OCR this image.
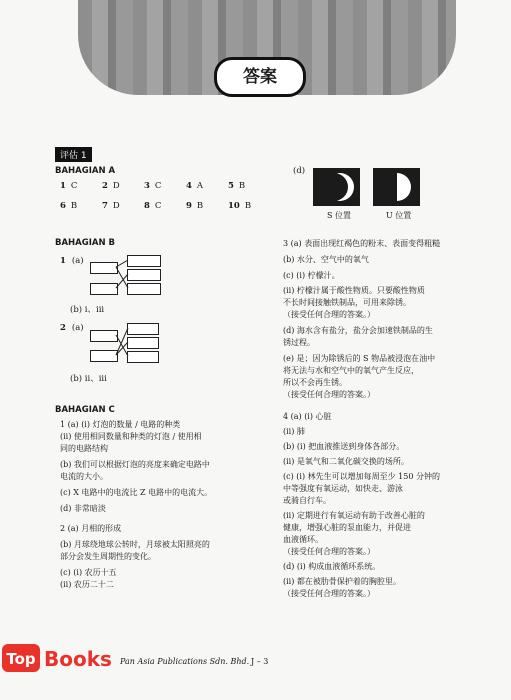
答案
评估 1
BAHAGIAN A
1 C	2 D	3 C	4 A	5 B
6 B	7 D	8 C	9 B	10 B
BAHAGIAN B
1 (a)
(b) i、iii
2 (a)
(b) ii、iii
BAHAGIAN C
1 (a) (i) 灯泡的数量 / 电路的种类
(ii) 使用相同数量和种类的灯泡 / 使用相
同的电路结构
(b) 我们可以根据灯泡的亮度来确定电路中
电流的大小。
(c) X 电路中的电流比 Z 电路中的电流大。
(d) 非常暗淡
2 (a) 月相的形成
(b) 月球绕地球公转时，月球被太阳照亮的
部分会发生周期性的变化。
(c) (i) 农历十五
(ii) 农历二十二
(d)
S 位置	U 位置
3 (a) 表面出现红褐色的粉末、表面变得粗糙
(b) 水分、空气中的氧气
(c) (i) 柠檬汁。
(ii) 柠檬汁属于酸性物质。只要酸性物质
不长时间接触铁制品，可用来除锈。
（接受任何合理的答案。）
(d) 海水含有盐分，盐分会加速铁制品的生
锈过程。
(e) 是；因为除锈后的 S 物品被浸泡在油中
将无法与水和空气中的氧气产生反应，
所以不会再生锈。
（接受任何合理的答案。）
4 (a) (i) 心脏
(ii) 肺
(b) (i) 把血液推送到身体各部分。
(ii) 是氧气和二氧化碳交换的场所。
(c) (i) 林先生可以增加每周至少 150 分钟的
中等强度有氧运动，如快走、游泳
或骑自行车。
(ii) 定期进行有氧运动有助于改善心脏的
健康，增强心脏的泵血能力，并促进
血液循环。
（接受任何合理的答案。）
(d) (i) 构成血液循环系统。
(ii) 都在被肋骨保护着的胸腔里。
（接受任何合理的答案。）
Top Books Pan Asia Publications Sdn. Bhd. J – 3
